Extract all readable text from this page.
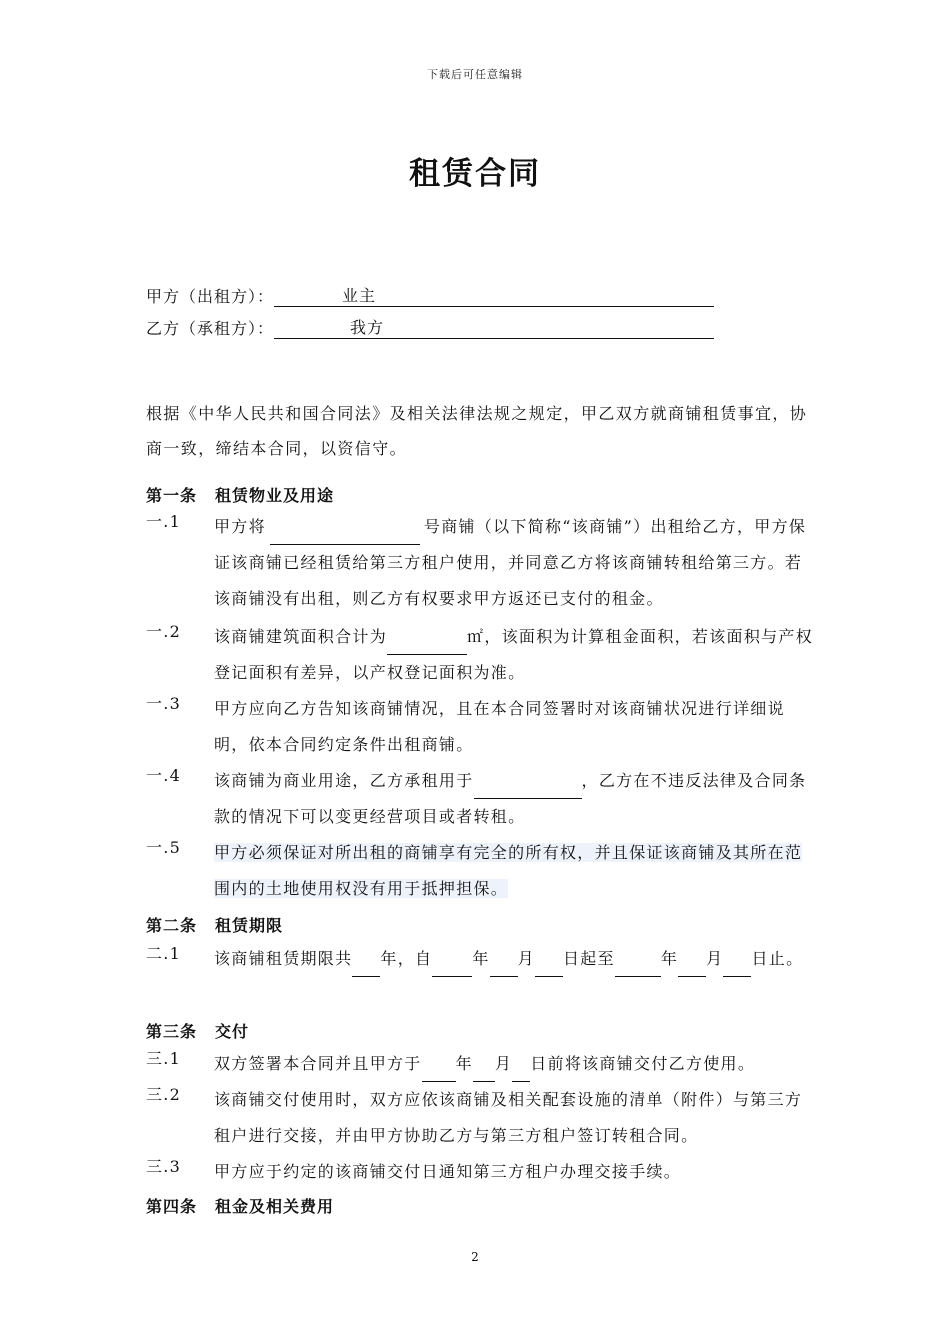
下载后可任意编辑
租赁合同
甲方（出租方）：	业主
乙方（承租方）：	我方
根据《中华人民共和国合同法》及相关法律法规之规定，甲乙双方就商铺租赁事宜，协商一致，缔结本合同，以资信守。
第一条 租赁物业及用途
一.1 甲方将	号商铺（以下简称“该商铺”）出租给乙方，甲方保证该商铺已经租赁给第三方租户使用，并同意乙方将该商铺转租给第三方。若该商铺没有出租，则乙方有权要求甲方返还已支付的租金。
一.2 该商铺建筑面积合计为	㎡，该面积为计算租金面积，若该面积与产权登记面积有差异，以产权登记面积为准。
一.3 甲方应向乙方告知该商铺情况，且在本合同签署时对该商铺状况进行详细说明，依本合同约定条件出租商铺。
一.4 该商铺为商业用途，乙方承租用于	，乙方在不违反法律及合同条款的情况下可以变更经营项目或者转租。
一.5 甲方必须保证对所出租的商铺享有完全的所有权，并且保证该商铺及其所在范围内的土地使用权没有用于抵押担保。
第二条 租赁期限
二.1 该商铺租赁期限共 年，自	年 月 日起至	年 月 日止。
第三条 交付
三.1 双方签署本合同并且甲方于 年 月 日前将该商铺交付乙方使用。
三.2 该商铺交付使用时，双方应依该商铺及相关配套设施的清单（附件）与第三方租户进行交接，并由甲方协助乙方与第三方租户签订转租合同。
三.3 甲方应于约定的该商铺交付日通知第三方租户办理交接手续。
第四条 租金及相关费用
2
